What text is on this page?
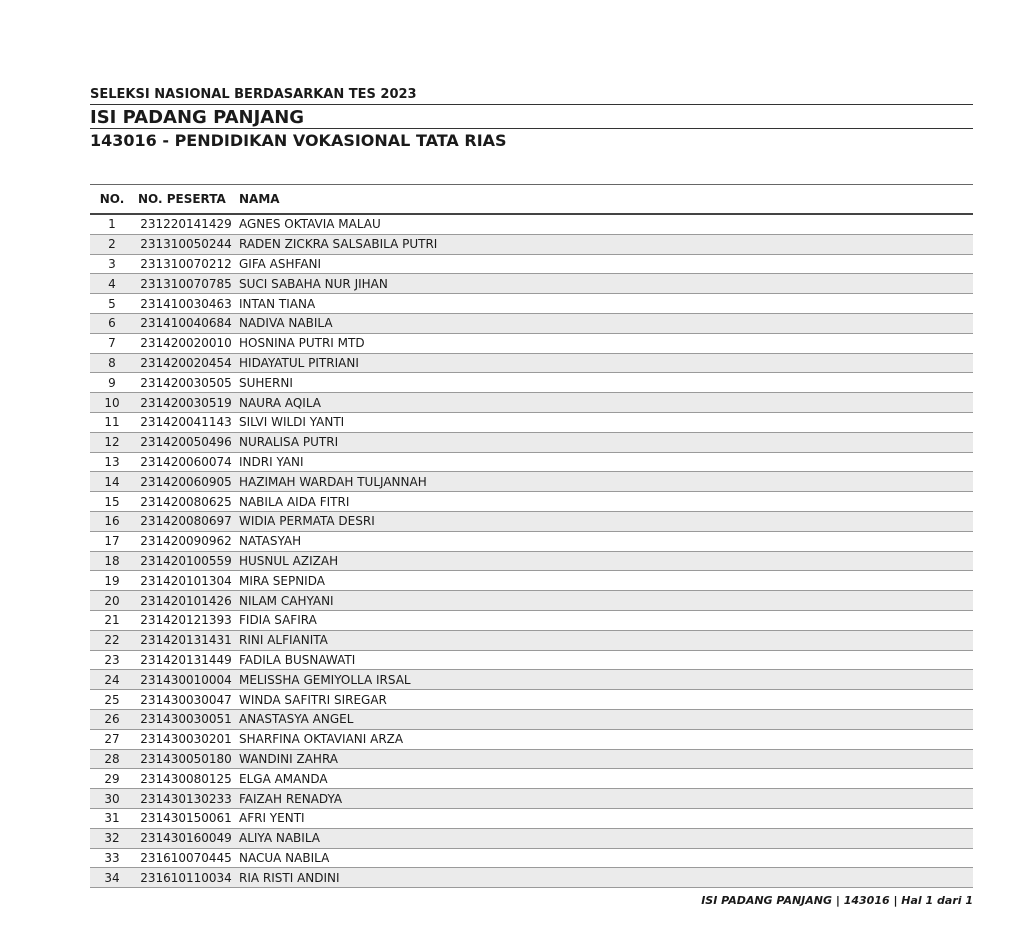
SELEKSI NASIONAL BERDASARKAN TES 2023
ISI PADANG PANJANG
143016 - PENDIDIKAN VOKASIONAL TATA RIAS
NO.	NO. PESERTA	NAMA
1	231220141429 AGNES OKTAVIA MALAU
2	231310050244 RADEN ZICKRA SALSABILA PUTRI
3	231310070212 GIFA ASHFANI
4	231310070785 SUCI SABAHA NUR JIHAN
5	231410030463 INTAN TIANA
6	231410040684 NADIVA NABILA
7	231420020010 HOSNINA PUTRI MTD
8	231420020454 HIDAYATUL PITRIANI
9	231420030505 SUHERNI
10	231420030519 NAURA AQILA
11	231420041143 SILVI WILDI YANTI
12	231420050496 NURALISA PUTRI
13	231420060074 INDRI YANI
14	231420060905 HAZIMAH WARDAH TULJANNAH
15	231420080625 NABILA AIDA FITRI
16	231420080697 WIDIA PERMATA DESRI
17	231420090962 NATASYAH
18	231420100559 HUSNUL AZIZAH
19	231420101304 MIRA SEPNIDA
20	231420101426 NILAM CAHYANI
21	231420121393 FIDIA SAFIRA
22	231420131431 RINI ALFIANITA
23	231420131449 FADILA BUSNAWATI
24	231430010004 MELISSHA GEMIYOLLA IRSAL
25	231430030047 WINDA SAFITRI SIREGAR
26	231430030051 ANASTASYA ANGEL
27	231430030201 SHARFINA OKTAVIANI ARZA
28	231430050180 WANDINI ZAHRA
29	231430080125 ELGA AMANDA
30	231430130233 FAIZAH RENADYA
31	231430150061 AFRI YENTI
32	231430160049 ALIYA NABILA
33	231610070445 NACUA NABILA
34	231610110034 RIA RISTI ANDINI
ISI PADANG PANJANG | 143016 | Hal 1 dari 1
